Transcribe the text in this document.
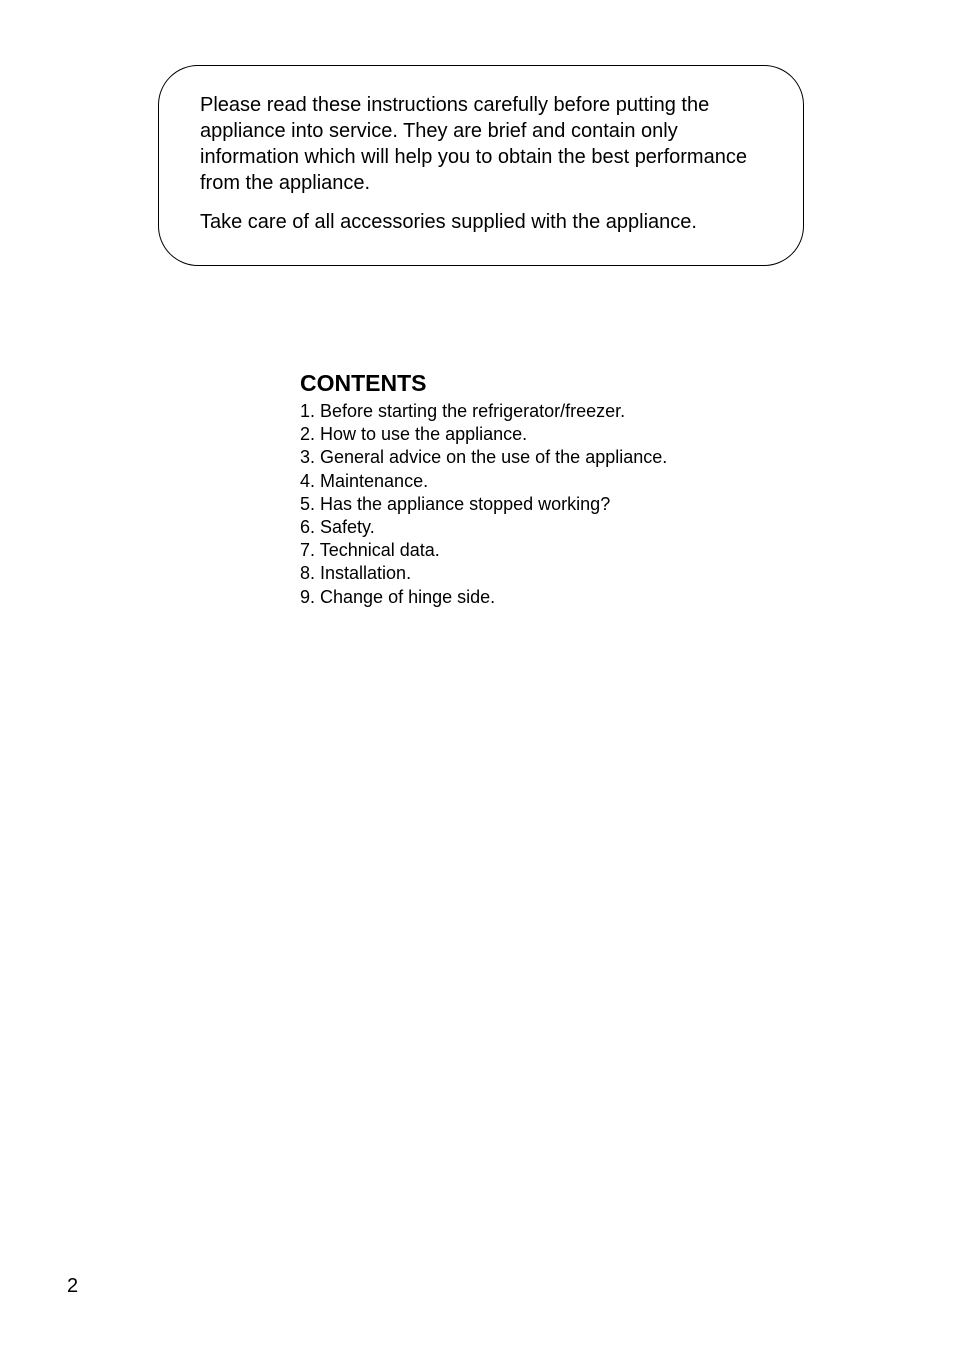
Please read these instructions carefully before putting the appliance into service. They are brief and contain only information which will help you to obtain the best performance from the appliance.

Take care of all accessories supplied with the appliance.

CONTENTS
1. Before starting the refrigerator/freezer.
2. How to use the appliance.
3. General advice on the use of the appliance.
4. Maintenance.
5. Has the appliance stopped working?
6. Safety.
7. Technical data.
8. Installation.
9. Change of hinge side.
2
